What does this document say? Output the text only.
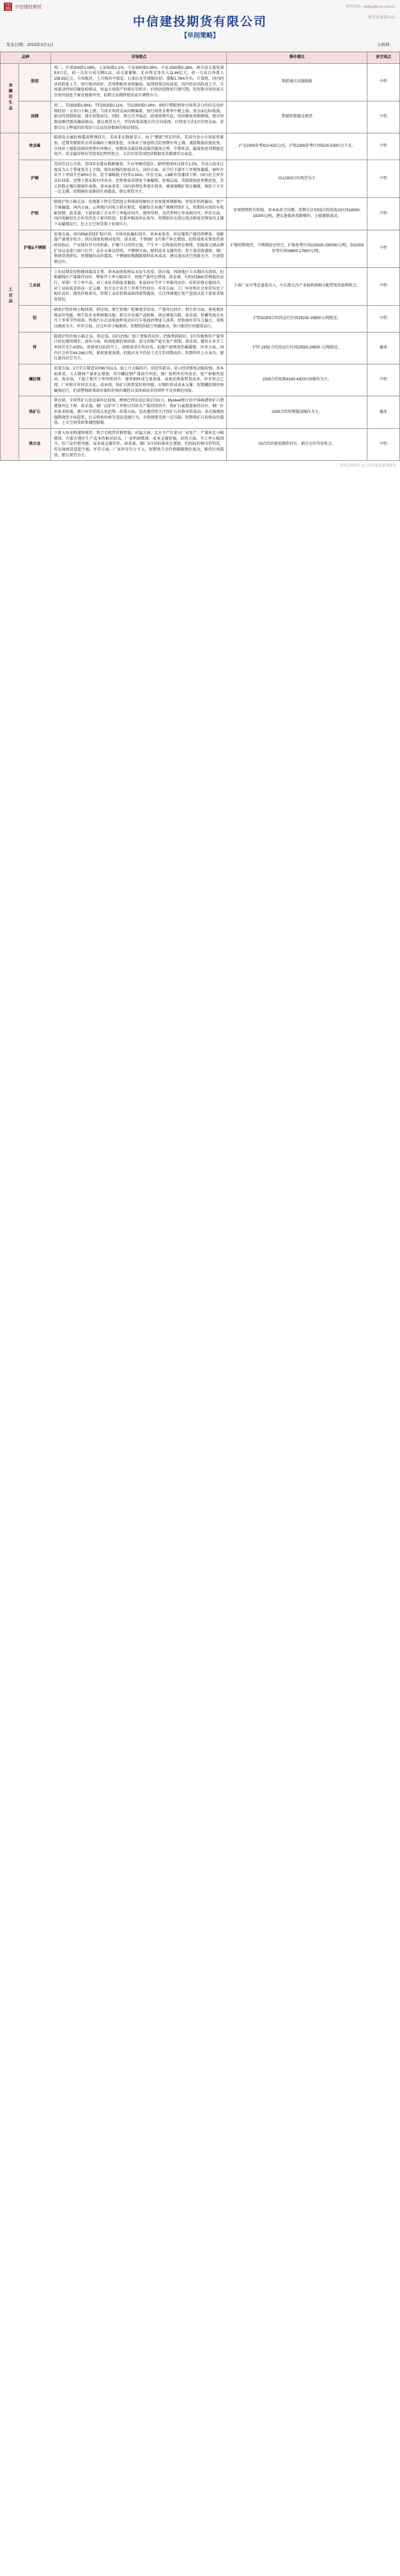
中信
建投 中信建投期货	研究咨询：huiliyu@csc.com.cn
中信建投期货有限公司
【早间策略】
研究发展部出品
发布日期：2023年3月1日	分析师：
品种		市场焦点	操作建议	多空观点
金融衍生品	股指	周二，沪深300跌1.06%，上证50涨1.1%，中证500涨0.09%，中证1000涨0.28%。两市成交量复刻9.9万亿，前一交易日成交额0.11。成交量萎缩，北向资金净买入11.44亿元，前一交易日净流入108.93亿元。市场板块，上升板块中煤炭、石油石化等涨幅居前，涨幅1.76%左右，计算机、国内经济活跃度上升，银行板块较好，逆周期板块表现偏弱。疫情政策边际放宽，国内经济活跃度上升，市场流动性保持偏宽松格局，权益市场资产价格有望抬升，后续估值修复行情可期。但短期市场仍需关注海外加息节奏及地缘冲突，前期交易拥挤板块或有调整压力。	期指建议高抛低吸	中性
	国债	周二，T2303涨0.06%，TF2303涨0.11%，TS2303涨0.18%。IRS中期限债券市场资金合约的交易价格较前一交易日小幅上涨。当前市场资金面均衡偏紧，银行间资金利率中枢上移，资金面边际收敛。流动性预期转弱，债市短期承压。同时，两会召开临近，政策预期升温，经济修复预期增强。债市短期或维持震荡偏弱格局，建议观望为主，等待政策落地后的方向选择。后续需关注3月份资金面、重要会议上释放的政策信号以及经济数据的验证情况。	期债短期建议观望	中性
工业品	贵金属	隔夜贵金属价格震荡整理回升，美国非农数据显示，由于"鹰派"坚定持续，美国劳动力市场依然紧张。近期美联储官员讲话偏向于继续加息，市场对于加息终点的预期有所上调。通胀数据出现反复，市场对于通胀回落的预期有所修正。短期贵金属价格或维持震荡走势，中期来看，随着加息周期接近尾声，贵金属价格有望迎来趋势性机会。关注后续美国经济数据及美联储官员表态。	沪金2306参考410-425元/克，沪银2306参考区间5100-5300元/千克。	中性
	沪铜	美国劳动力市场，美国非农就业数据强劲，失业率维持低位，薪资增速环比回升1.2%，劳动力成本过度成为大个季度复苏上主线，给出较强的加息动力。国内方面，春节后下游开工率恢复偏缓，铜杆企业开工率回升至80%左右，但节奏略低于往年0.2e%。库存方面，LME库存继续下降，国内社会库存高位回落，近期下游采购有所改善，但整体需求恢复节奏偏慢。宏观层面，美联储加息预期反复，美元指数走强压制铜价表现。基本面来看，国内消费旺季逐步到来，叠加铜精矿供应偏紧，铜价下方有一定支撑。短期铜价或维持区间震荡，建议观望为主。	CU2303合约观望为主	中性
	沪铝	隔夜沪铝小幅走高。伦敦累下降是受到意大利南部电解铝企业复能预期影响，但电价仍然偏高，复产节奏偏缓。国内方面，云南地区因电力供应紧张，电解铝企业减产规模持续扩大，短期供应端仍有收缩预期。需求端，下游铝加工企业开工率稳步回升，建筑型材、光伏型材订单表现尚可。库存方面，国内电解铝社会库存仍处于累库阶段，但累库幅度环比收窄。短期铝价在供应扰动和需求恢复的支撑下或偏强运行，但上方空间受制于宏观压力。	宏观情绪暂有转强，基本面多空均衡，短期关注铝03合约的波动区间18000-19200元/吨，建议逢低多思路操作，上破谨慎追高。	中性
	沪镍&不锈钢	宏观方面，国内PMI重回扩张区间，市场风险偏好回升。基本面来看，印尼镍铁产能持续释放，电解镍产量逐步抬升，供应端宽松格局延续。需求端，不锈钢厂3月排产环比增加，但终端需求恢复仍需时间验证，产业链库存有所积累。沪镍当日持续走强，产生不一定程度的挤仓情绪，但随着交割品牌扩容以及进口窗口打开，高升水难以持续。不锈钢方面，原料成本支撑仍存，但下游采购谨慎，钢厂利润受到挤压。短期镍价高位震荡，不锈钢价格跟随原料成本波动，建议逢高沽空思路为主，注意控制仓位。	沪镍短期观望，不锈钢轻仓短空。沪镍参考区间220000-230000元/吨，SS2303参考区间16800-17800元/吨。	中性
	工业硅	工业硅期货价格继续震荡走势，基本面宽松格局未发生改变。供应端，西南地区丰水期尚未到来，但新疆地区产量维持高位，整体开工率小幅回升，周度产量环比增加。需求端，有机硅DMC价格低位运行，单体厂开工率不高，对工业硅采购需求偏弱；多晶硅环节开工率维持高位，硅料价格企稳回升，对工业硅需求形成一定支撑；铝合金企业开工率季节性回升。库存方面，工厂库存和社会库存均处于相对高位，现货价格承压。短期工业硅价格或维持弱势震荡，关注西南地区复产进度以及下游需求恢复情况。	下游厂家可考虑逢低买入，中长期关注产业链利润再分配带来的套利机会。	中性
	铅	隔夜沪铅价格小幅回落。供应端，原生铅炼厂检修逐步结束，产量环比回升；再生铅方面，废电瓶价格高位坚挺，再生铅企业利润被压缩，部分企业减产或检修，供应增量有限。需求端，铅蓄电池企业开工率季节性回落，终端汽车启动电池和电动自行车电池消费进入淡季，经销商库存压力偏大，采购以刚需为主。库存方面，社会库存小幅累积。短期铅价缺乏明确驱动，预计维持区间震荡运行。	沪铅02303合约的运行区间15200-15800元/吨附近。	中性
	锌	隔夜沪锌价格小幅走高。供应端，国内冶炼厂加工费维持高位，冶炼利润较好，3月份精炼锌产量预计环比继续增长；海外方面，欧洲能源价格回落，部分冶炼产能有复产预期。需求端，镀锌企业开工率回升至7.425%，基建项目陆续开工，初级需求有所改善，但地产端恢复仍偏缓慢。库存方面，国内社会库存44.248万吨，累积速度放缓，但绝对水平仍处于近几年同期高位。短期锌价上方承压，建议逢高沽空为主。	沪锌 2303 合约的运行区间23500-24500 元/吨附近。	偏多
	螺纹钢	宏观方面，2月官方制造业PMI为51.6，较上月大幅回升，创近年新高，显示经济修复动能较强。基本面来看，五大钢材产量环比增加，其中螺纹钢产量回升明显，钢厂盈利率有所改善，复产积极性提高。需求端，下游工地开工率持续回升，建筑钢材成交量放量，表观消费量明显改善，库存拐点已现，厂库和社库同步去化。成本端，铁矿石和焦炭价格坚挺，对钢价形成成本支撑。短期螺纹钢价格偏强运行，但需警惕政策端对原料价格的调控以及终端需求持续性不及预期的风险。	2305合约短期4100-4300区间操作为主。	中性
	铁矿石	供应端，全球铁矿石发运量环比回落，澳洲巴西发运总量1月31日，Mysteel统计的中国45港铁矿石到港量环比下降。需求端，钢厂高炉开工率和日均铁水产量持续回升，铁矿石疏港量维持高位，钢厂补库需求较强，港口库存延续去化趋势。政策方面，发改委持续关注铁矿石价格异常波动，多次强调加强期现货市场监管，打击哄抬价格等违法违规行为，市场情绪受到一定压制。短期铁矿石价格高位震荡，上方空间受政策调控限制。	2305合约短期震荡操作为主。	偏多
	铁合金	下游入场采购谨慎观望，铁合金现货价格暂稳。硅锰方面，北方主产区部分厂家复产，产量环比小幅增加，内蒙古地区生产成本仍相对较高，厂家利润微薄，成本支撑较强。硅铁方面，开工率小幅回升，但兰炭价格坚挺，成本端支撑仍存。需求端，钢厂3月招标量环比增加，但招标价格压价明显，贸易商囤货意愿不强。库存方面，厂家库存压力不大。短期铁合金价格跟随钢价波动，维持区间震荡，建议观望为主。	03合约的保值操作持有，剩余仓位等待机会。	中性
请务必阅读正文之后的免责条款部分
